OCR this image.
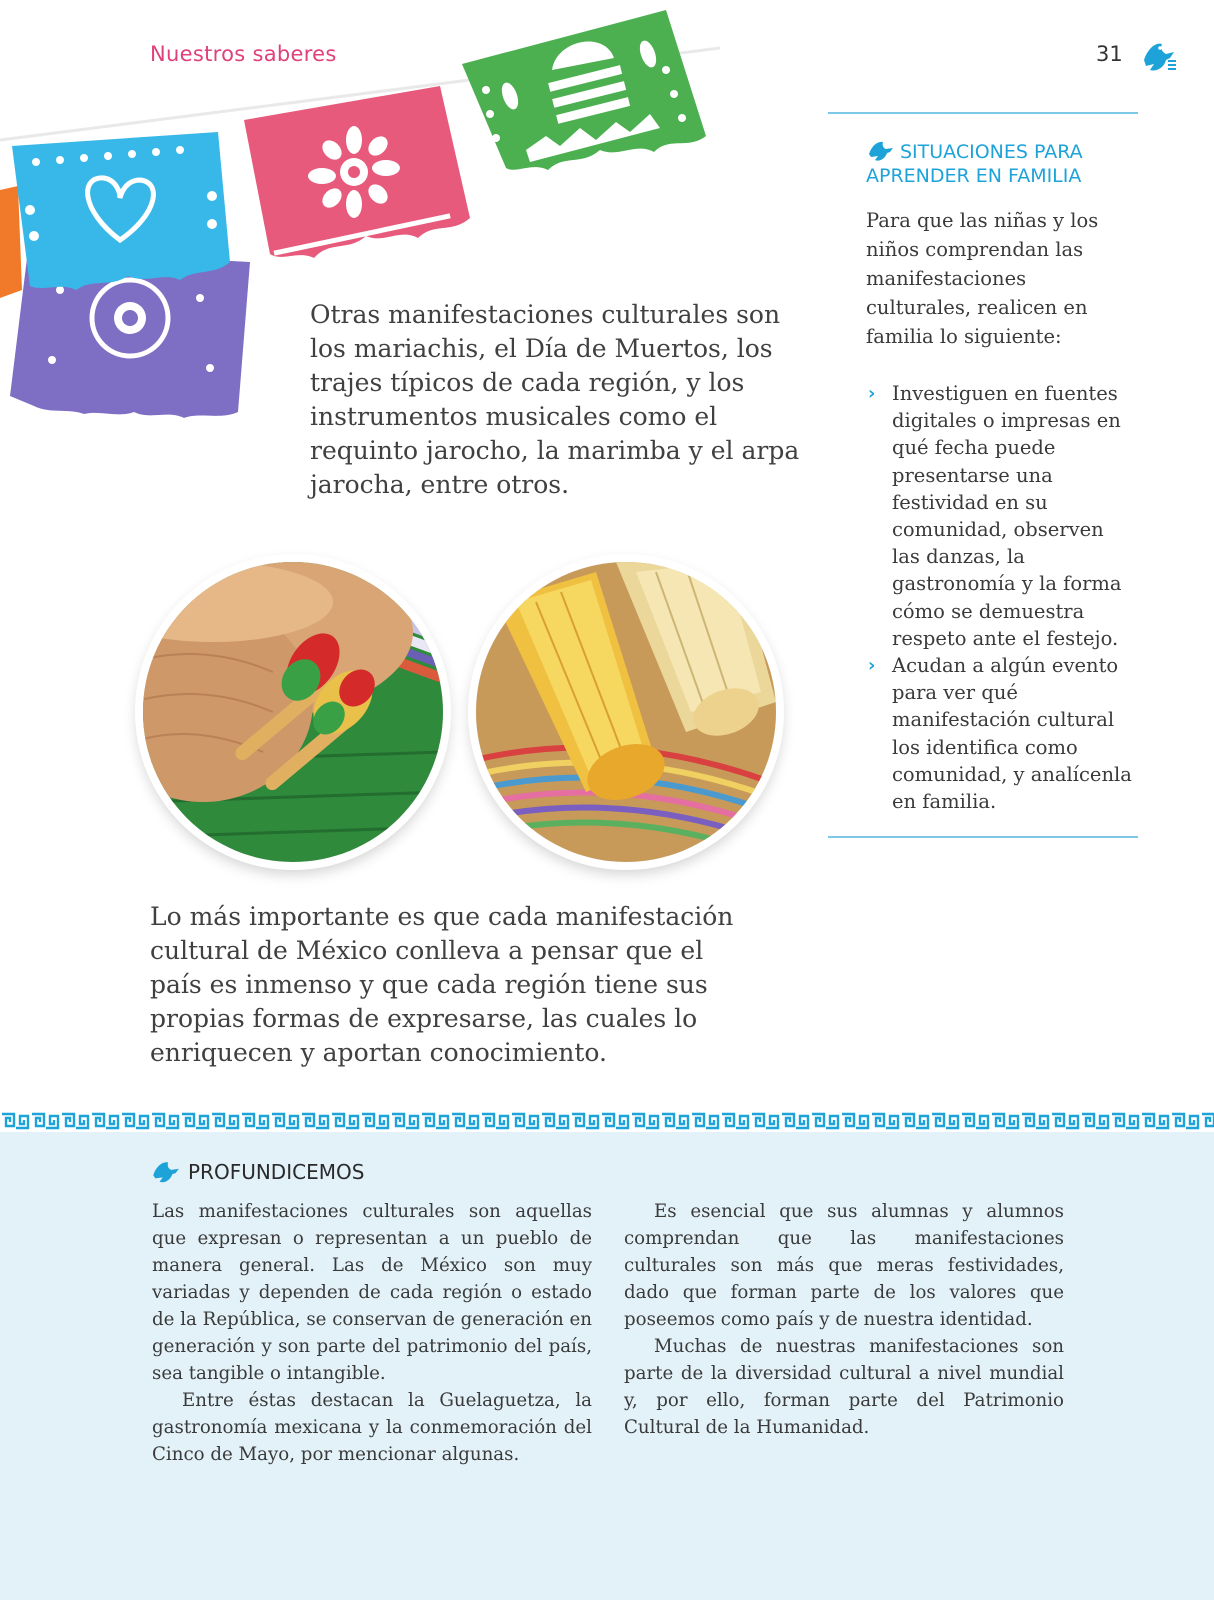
Nuestros saberes	31
Otras manifestaciones culturales son los mariachis, el Día de Muertos, los trajes típicos de cada región, y los instrumentos musicales como el requinto jarocho, la marimba y el arpa jarocha, entre otros.
Lo más importante es que cada manifestación cultural de México conlleva a pensar que el país es inmenso y que cada región tiene sus propias formas de expresarse, las cuales lo enriquecen y aportan conocimiento.
SITUACIONES PARA
APRENDER EN FAMILIA
Para que las niñas y los niños comprendan las manifestaciones culturales, realicen en familia lo siguiente:
› Investiguen en fuentes digitales o impresas en qué fecha puede presentarse una festividad en su comunidad, observen las danzas, la gastronomía y la forma cómo se demuestra respeto ante el festejo.
› Acudan a algún evento para ver qué manifestación cultural los identifica como comunidad, y analícenla en familia.
PROFUNDICEMOS

Las manifestaciones culturales son aquellas que expresan o representan a un pueblo de manera general. Las de México son muy variadas y dependen de cada región o estado de la República, se conservan de generación en generación y son parte del patrimonio del país, sea tangible o intangible.

Entre éstas destacan la Guelaguetza, la gastronomía mexicana y la conmemoración del Cinco de Mayo, por mencionar algunas.

Es esencial que sus alumnas y alumnos comprendan que las manifestaciones culturales son más que meras festividades, dado que forman parte de los valores que poseemos como país y de nuestra identidad.

Muchas de nuestras manifestaciones son parte de la diversidad cultural a nivel mundial y, por ello, forman parte del Patrimonio Cultural de la Humanidad.
